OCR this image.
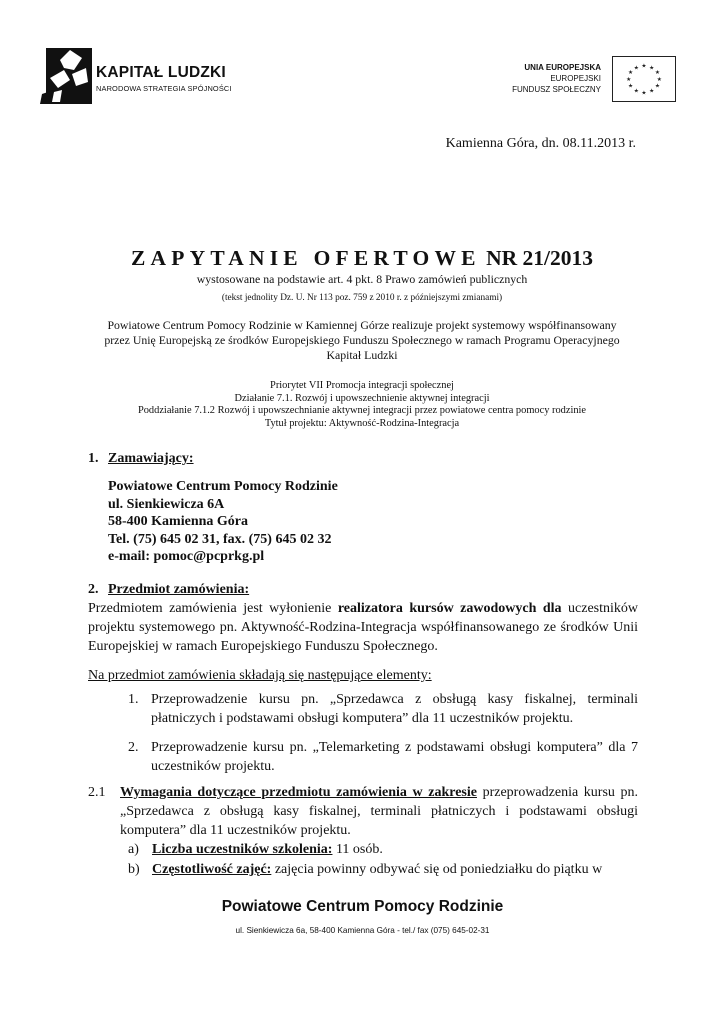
KAPITAŁ LUDZKI
NARODOWA STRATEGIA SPÓJNOŚCI
UNIA EUROPEJSKA
EUROPEJSKI
FUNDUSZ SPOŁECZNY
★ ★
★
★
★
★
★
★
★
★
★
★
Kamienna Góra, dn. 08.11.2013 r.
ZAPYTANIE OFERTOWE NR 21/2013
wystosowane na podstawie art. 4 pkt. 8 Prawo zamówień publicznych
(tekst jednolity Dz. U. Nr 113 poz. 759 z 2010 r. z późniejszymi zmianami)
Powiatowe Centrum Pomocy Rodzinie w Kamiennej Górze realizuje projekt systemowy współfinansowany
przez Unię Europejską ze środków Europejskiego Funduszu Społecznego w ramach Programu Operacyjnego
Kapitał Ludzki
Priorytet VII Promocja integracji społecznej
Działanie 7.1. Rozwój i upowszechnienie aktywnej integracji
Poddziałanie 7.1.2 Rozwój i upowszechnianie aktywnej integracji przez powiatowe centra pomocy rodzinie
Tytuł projektu: Aktywność-Rodzina-Integracja
1. Zamawiający:
Powiatowe Centrum Pomocy Rodzinie
ul. Sienkiewicza 6A
58-400 Kamienna Góra
Tel. (75) 645 02 31, fax. (75) 645 02 32
e-mail: pomoc@pcprkg.pl
2. Przedmiot zamówienia:
Przedmiotem zamówienia jest wyłonienie realizatora kursów zawodowych dla uczestników projektu systemowego pn. Aktywność-Rodzina-Integracja współfinansowanego ze środków Unii Europejskiej w ramach Europejskiego Funduszu Społecznego.
Na przedmiot zamówienia składają się następujące elementy:
1. Przeprowadzenie kursu pn. „Sprzedawca z obsługą kasy fiskalnej, terminali płatniczych i podstawami obsługi komputera” dla 11 uczestników projektu.
2. Przeprowadzenie kursu pn. „Telemarketing z podstawami obsługi komputera” dla 7 uczestników projektu.
2.1 Wymagania dotyczące przedmiotu zamówienia w zakresie przeprowadzenia kursu pn. „Sprzedawca z obsługą kasy fiskalnej, terminali płatniczych i podstawami obsługi komputera” dla 11 uczestników projektu.
a) Liczba uczestników szkolenia: 11 osób.
b) Częstotliwość zajęć: zajęcia powinny odbywać się od poniedziałku do piątku w
Powiatowe Centrum Pomocy Rodzinie
ul. Sienkiewicza 6a, 58-400 Kamienna Góra - tel./ fax (075) 645-02-31
